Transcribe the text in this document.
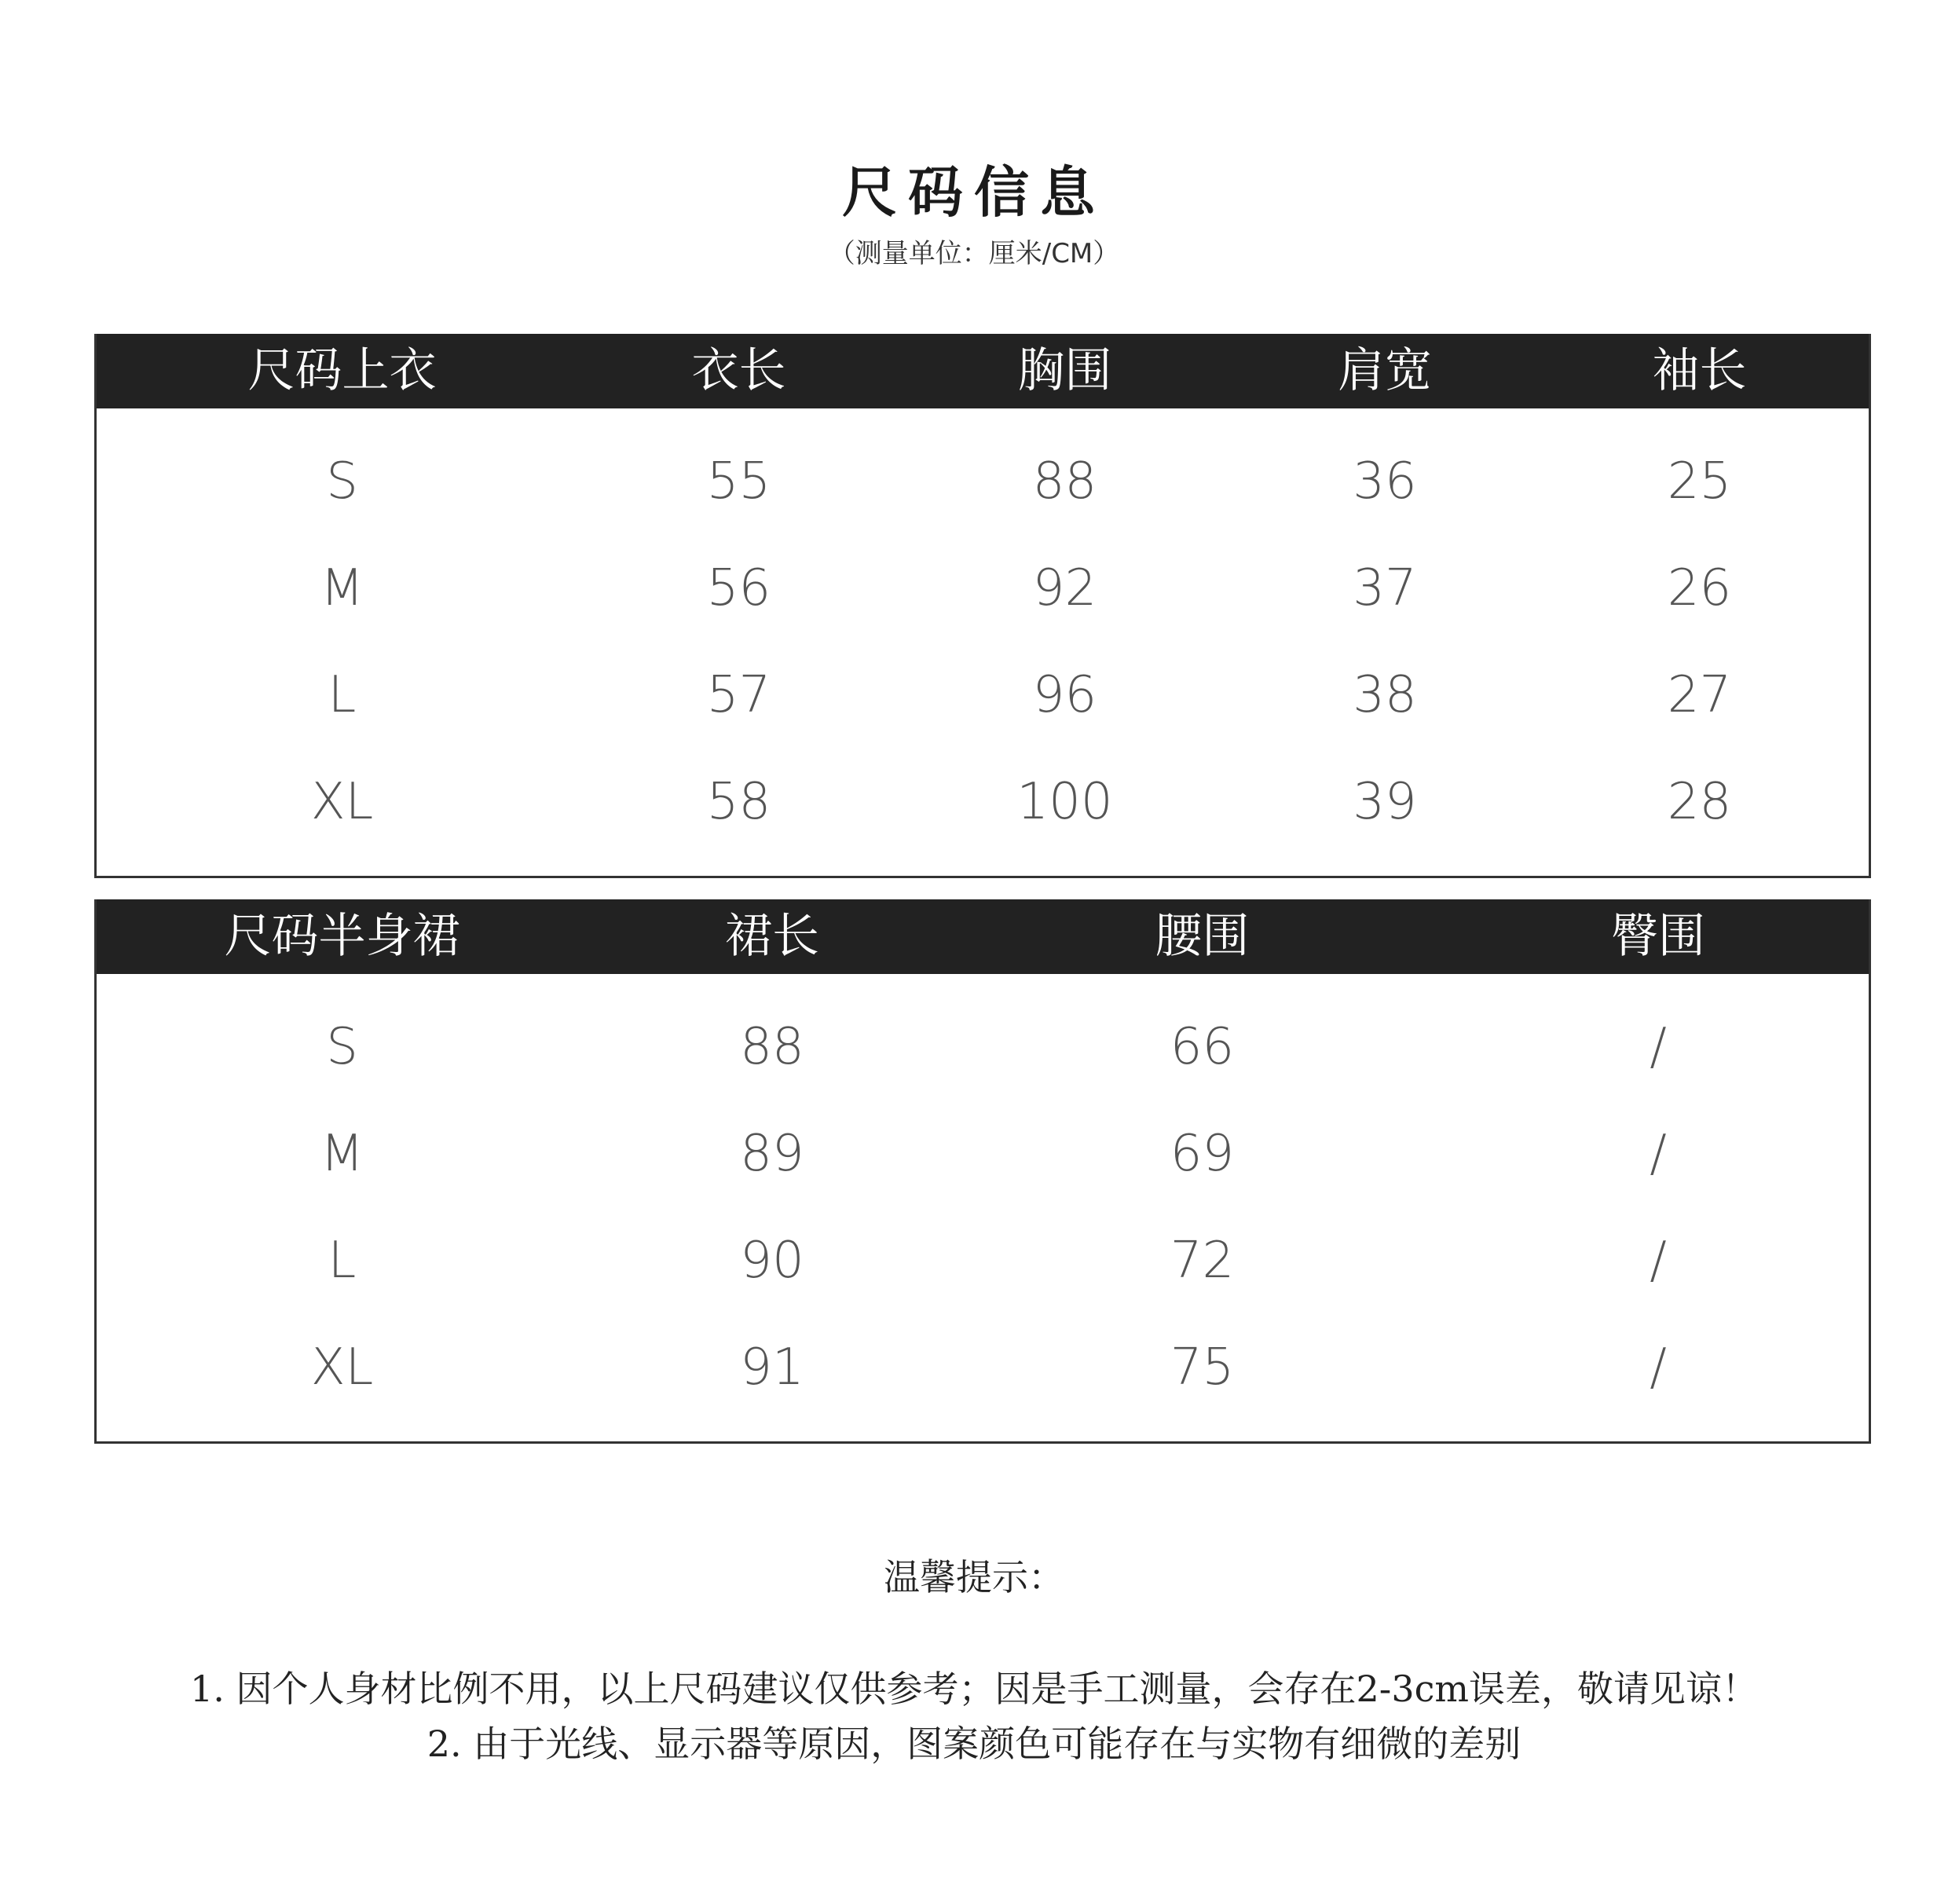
尺码信息
（测量单位：厘米/CM）
尺码上衣	衣长	胸围	肩宽	袖长
S	55	88	36	25
M	56	92	37	26
L	57	96	38	27
XL	58	100	39	28
尺码半身裙	裙长	腰围	臀围
S	88	66	/
M	89	69	/
L	90	72	/
XL	91	75	/
温馨提示：
1. 因个人身材比例不用，以上尺码建议仅供参考；因是手工测量，会存在2-3cm误差，敬请见谅！
2. 由于光线、显示器等原因，图案颜色可能存在与实物有细微的差别
